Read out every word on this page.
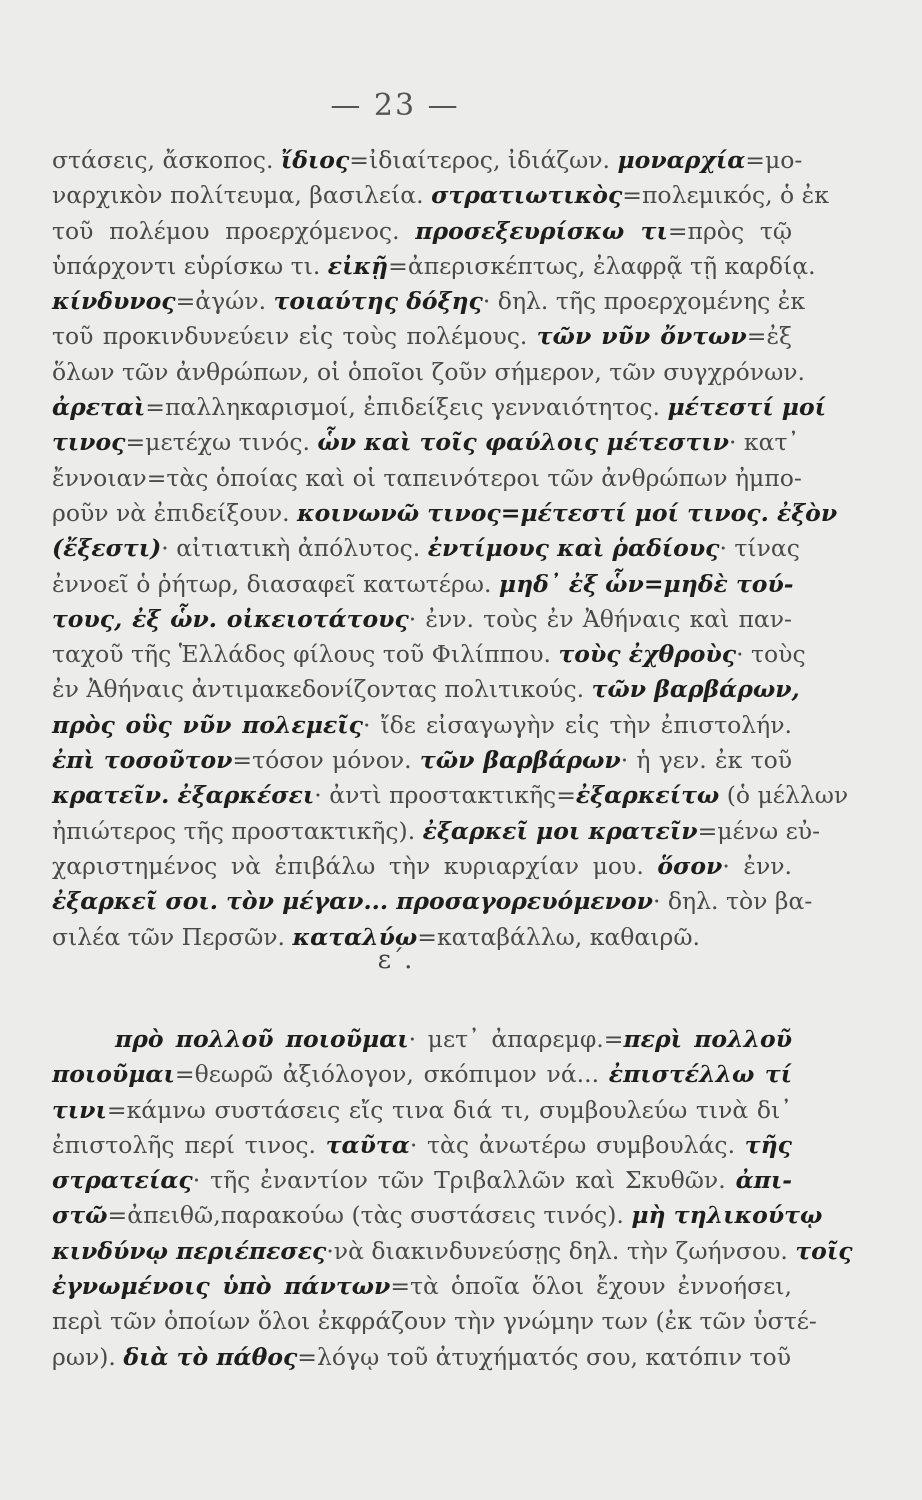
— 23 —
στάσεις, ἄσκοπος. ἴδιος=ἰδιαίτερος, ἰδιάζων. μοναρχία=μο-
ναρχικὸν πολίτευμα, βασιλεία. στρατιωτικὸς=πολεμικός, ὁ ἐκ
τοῦ πολέμου προερχόμενος. προσεξευρίσκω τι=πρὸς τῷ
ὑπάρχοντι εὑρίσκω τι. εἰκῇ=ἀπερισκέπτως, ἐλαφρᾷ τῇ καρδίᾳ.
κίνδυνος=ἀγών. τοιαύτης δόξης· δηλ. τῆς προερχομένης ἐκ
τοῦ προκινδυνεύειν εἰς τοὺς πολέμους. τῶν νῦν ὄντων=ἐξ
ὅλων τῶν ἀνθρώπων, οἱ ὁποῖοι ζοῦν σήμερον, τῶν συγχρόνων.
ἀρεταὶ=παλληκαρισμοί, ἐπιδείξεις γενναιότητος. μέτεστί μοί
τινος=μετέχω τινός. ὧν καὶ τοῖς φαύλοις μέτεστιν· κατ᾽
ἔννοιαν=τὰς ὁποίας καὶ οἱ ταπεινότεροι τῶν ἀνθρώπων ἠμπο-
ροῦν νὰ ἐπιδείξουν. κοινωνῶ τινος=μέτεστί μοί τινος. ἐξὸν
(ἔξεστι)· αἰτιατικὴ ἀπόλυτος. ἐντίμους καὶ ῥαδίους· τίνας
ἐννοεῖ ὁ ῥήτωρ, διασαφεῖ κατωτέρω. μηδ᾽ ἐξ ὧν=μηδὲ τού-
τους, ἐξ ὧν. οἰκειοτάτους· ἐνν. τοὺς ἐν Ἀθήναις καὶ παν-
ταχοῦ τῆς Ἑλλάδος φίλους τοῦ Φιλίππου. τοὺς ἐχθροὺς· τοὺς
ἐν Ἀθήναις ἀντιμακεδονίζοντας πολιτικούς. τῶν βαρβάρων,
πρὸς οὓς νῦν πολεμεῖς· ἴδε εἰσαγωγὴν εἰς τὴν ἐπιστολήν.
ἐπὶ τοσοῦτον=τόσον μόνον. τῶν βαρβάρων· ἡ γεν. ἐκ τοῦ
κρατεῖν. ἐξαρκέσει· ἀντὶ προστακτικῆς=ἐξαρκείτω (ὁ μέλλων
ἠπιώτερος τῆς προστακτικῆς). ἐξαρκεῖ μοι κρατεῖν=μένω εὐ-
χαριστημένος νὰ ἐπιβάλω τὴν κυριαρχίαν μου. ὅσον· ἐνν.
ἐξαρκεῖ σοι. τὸν μέγαν... προσαγορευόμενον· δηλ. τὸν βα-
σιλέα τῶν Περσῶν. καταλύω=καταβάλλω, καθαιρῶ.
ε΄.
πρὸ πολλοῦ ποιοῦμαι· μετ᾽ ἀπαρεμφ.=περὶ πολλοῦ
ποιοῦμαι=θεωρῶ ἀξιόλογον, σκόπιμον νά... ἐπιστέλλω τί
τινι=κάμνω συστάσεις εἴς τινα διά τι, συμβουλεύω τινὰ δι᾽
ἐπιστολῆς περί τινος. ταῦτα· τὰς ἀνωτέρω συμβουλάς. τῆς
στρατείας· τῆς ἐναντίον τῶν Τριβαλλῶν καὶ Σκυθῶν. ἀπι-
στῶ=ἀπειθῶ,παρακούω (τὰς συστάσεις τινός). μὴ τηλικούτῳ
κινδύνῳ περιέπεσες·νὰ διακινδυνεύσῃς δηλ. τὴν ζωήνσου. τοῖς
ἐγνωμένοις ὑπὸ πάντων=τὰ ὁποῖα ὅλοι ἔχουν ἐννοήσει,
περὶ τῶν ὁποίων ὅλοι ἐκφράζουν τὴν γνώμην των (ἐκ τῶν ὑστέ-
ρων). διὰ τὸ πάθος=λόγῳ τοῦ ἀτυχήματός σου, κατόπιν τοῦ
